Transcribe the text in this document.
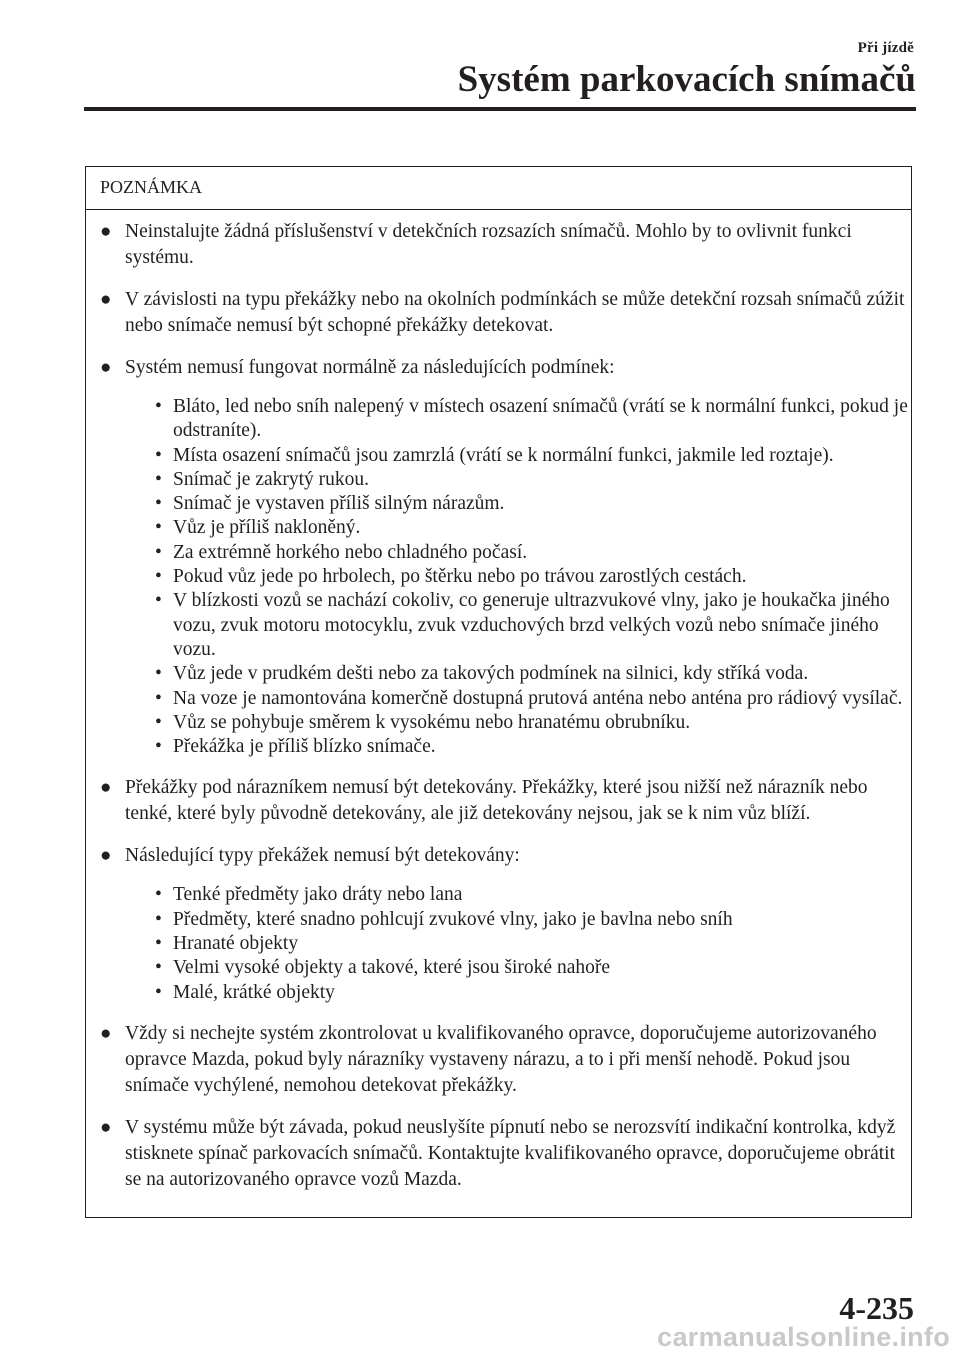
Při jízdě
Systém parkovacích snímačů
POZNÁMKA
● Neinstalujte žádná příslušenství v detekčních rozsazích snímačů. Mohlo by to ovlivnit funkci systému.
● V závislosti na typu překážky nebo na okolních podmínkách se může detekční rozsah snímačů zúžit nebo snímače nemusí být schopné překážky detekovat.
● Systém nemusí fungovat normálně za následujících podmínek:
• Bláto, led nebo sníh nalepený v místech osazení snímačů (vrátí se k normální funkci, pokud je odstraníte).
• Místa osazení snímačů jsou zamrzlá (vrátí se k normální funkci, jakmile led roztaje).
• Snímač je zakrytý rukou.
• Snímač je vystaven příliš silným nárazům.
• Vůz je příliš nakloněný.
• Za extrémně horkého nebo chladného počasí.
• Pokud vůz jede po hrbolech, po štěrku nebo po trávou zarostlých cestách.
• V blízkosti vozů se nachází cokoliv, co generuje ultrazvukové vlny, jako je houkačka jiného vozu, zvuk motoru motocyklu, zvuk vzduchových brzd velkých vozů nebo snímače jiného vozu.
• Vůz jede v prudkém dešti nebo za takových podmínek na silnici, kdy stříká voda.
• Na voze je namontována komerčně dostupná prutová anténa nebo anténa pro rádiový vysílač.
• Vůz se pohybuje směrem k vysokému nebo hranatému obrubníku.
• Překážka je příliš blízko snímače.
● Překážky pod nárazníkem nemusí být detekovány. Překážky, které jsou nižší než nárazník nebo tenké, které byly původně detekovány, ale již detekovány nejsou, jak se k nim vůz blíží.
● Následující typy překážek nemusí být detekovány:
• Tenké předměty jako dráty nebo lana
• Předměty, které snadno pohlcují zvukové vlny, jako je bavlna nebo sníh
• Hranaté objekty
• Velmi vysoké objekty a takové, které jsou široké nahoře
• Malé, krátké objekty
● Vždy si nechejte systém zkontrolovat u kvalifikovaného opravce, doporučujeme autorizovaného opravce Mazda, pokud byly nárazníky vystaveny nárazu, a to i při menší nehodě. Pokud jsou snímače vychýlené, nemohou detekovat překážky.
● V systému může být závada, pokud neuslyšíte pípnutí nebo se nerozsvítí indikační kontrolka, když stisknete spínač parkovacích snímačů. Kontaktujte kvalifikovaného opravce, doporučujeme obrátit se na autorizovaného opravce vozů Mazda.
4-235
carmanualsonline.info
